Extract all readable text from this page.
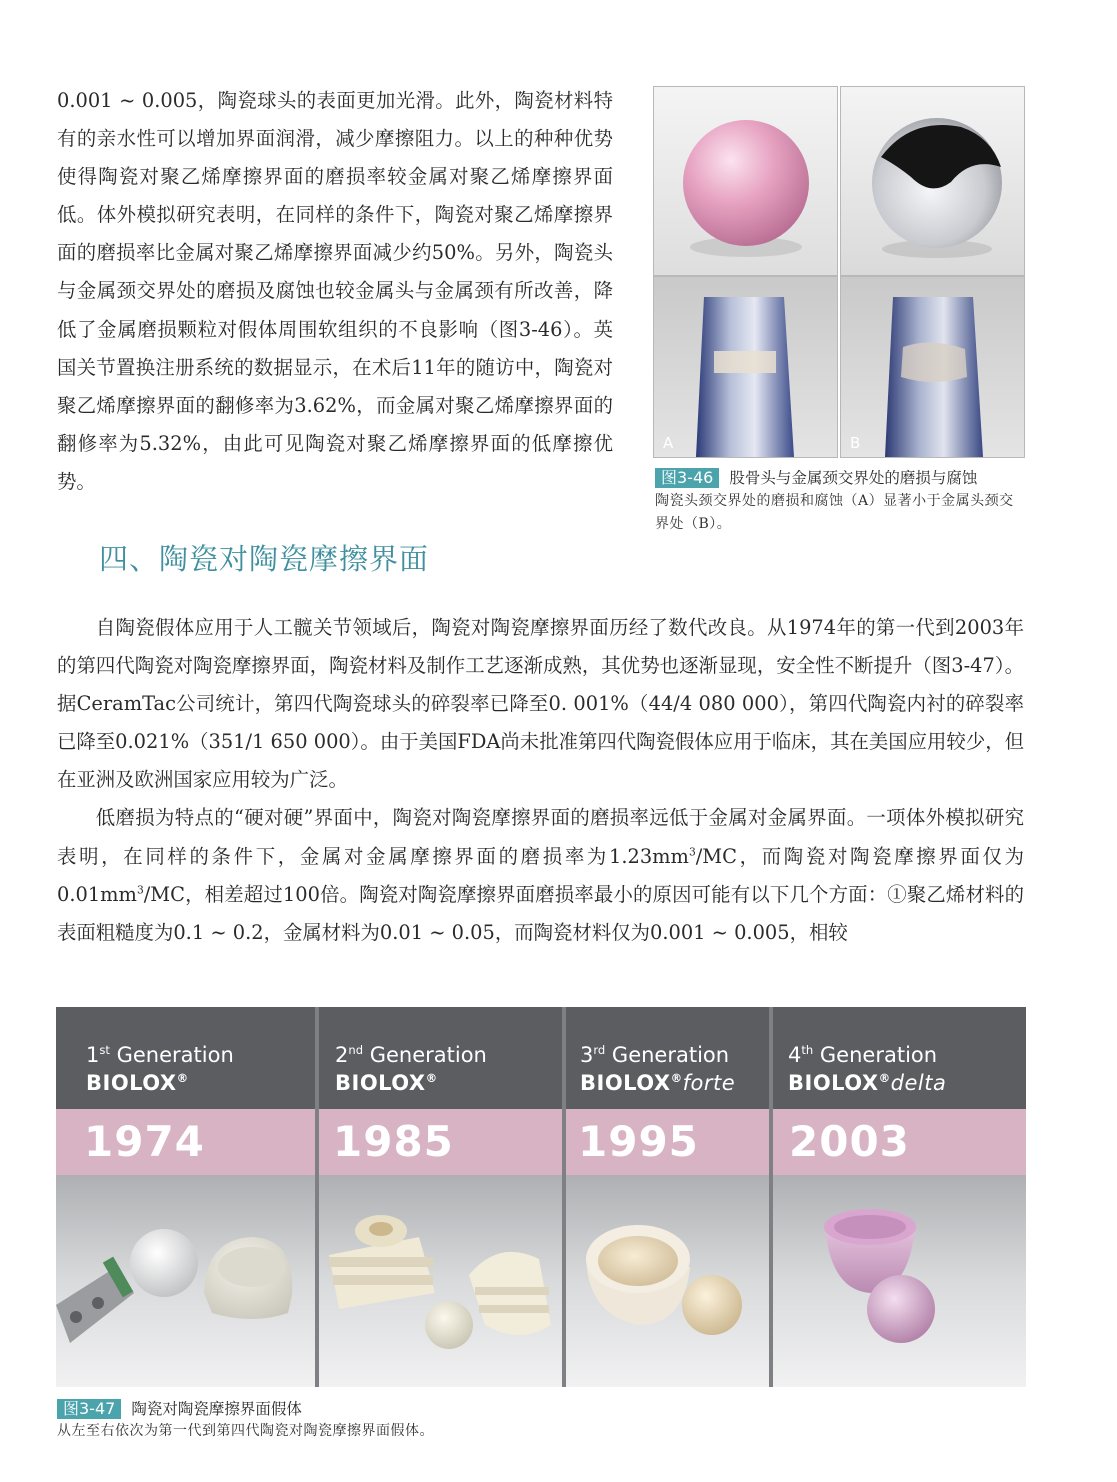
0.001 ~ 0.005，陶瓷球头的表面更加光滑。此外，陶瓷材料特有的亲水性可以增加界面润滑，减少摩擦阻力。以上的种种优势使得陶瓷对聚乙烯摩擦界面的磨损率较金属对聚乙烯摩擦界面低。体外模拟研究表明，在同样的条件下，陶瓷对聚乙烯摩擦界面的磨损率比金属对聚乙烯摩擦界面减少约50%。另外，陶瓷头与金属颈交界处的磨损及腐蚀也较金属头与金属颈有所改善，降低了金属磨损颗粒对假体周围软组织的不良影响（图3-46）。英国关节置换注册系统的数据显示，在术后11年的随访中，陶瓷对聚乙烯摩擦界面的翻修率为3.62%，而金属对聚乙烯摩擦界面的翻修率为5.32%，由此可见陶瓷对聚乙烯摩擦界面的低摩擦优势。

A	B
图3-46 股骨头与金属颈交界处的磨损与腐蚀
陶瓷头颈交界处的磨损和腐蚀（A）显著小于金属头颈交界处（B）。
四、陶瓷对陶瓷摩擦界面

自陶瓷假体应用于人工髋关节领域后，陶瓷对陶瓷摩擦界面历经了数代改良。从1974年的第一代到2003年的第四代陶瓷对陶瓷摩擦界面，陶瓷材料及制作工艺逐渐成熟，其优势也逐渐显现，安全性不断提升（图3-47）。据CeramTac公司统计，第四代陶瓷球头的碎裂率已降至0. 001%（44/4 080 000），第四代陶瓷内衬的碎裂率已降至0.021%（351/1 650 000）。由于美国FDA尚未批准第四代陶瓷假体应用于临床，其在美国应用较少，但在亚洲及欧洲国家应用较为广泛。

低磨损为特点的“硬对硬”界面中，陶瓷对陶瓷摩擦界面的磨损率远低于金属对金属界面。一项体外模拟研究表明，在同样的条件下，金属对金属摩擦界面的磨损率为$1.23mm^3/MC$，而陶瓷对陶瓷摩擦界面仅为$0.01mm^3/MC$，相差超过100倍。陶瓷对陶瓷摩擦界面磨损率最小的原因可能有以下几个方面：①聚乙烯材料的表面粗糙度为0.1 ~ 0.2，金属材料为0.01 ~ 0.05，而陶瓷材料仅为0.001 ~ 0.005，相较

1st Generation
BIOLOX®
1974
2nd Generation
BIOLOX®
1985
3rd Generation
BIOLOX®forte
1995
4th Generation
BIOLOX®delta
2003
图3-47 陶瓷对陶瓷摩擦界面假体
从左至右依次为第一代到第四代陶瓷对陶瓷摩擦界面假体。
